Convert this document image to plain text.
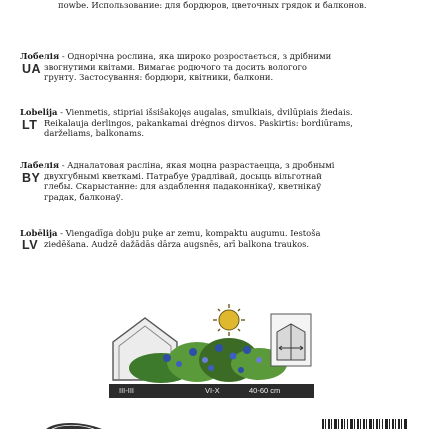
поwbe. Использование: для бордюров, цветочных грядок и балконов.

UA

Лобелія - Однорічна рослина, яка широко розростається, з дрібними
звогнутими квітами. Вимагає родючого та досить вологого
грунту. Застосування: бордюри, квітники, балкони.

LT

Lobelija - Vienmetis, stipriai išsišakojęs augalas, smulkiais, dvilūpiais žiedais.
Reikalauja derlingos, pakankamai drėgnos dirvos. Paskirtis: bordiūrams,
darželiams, balkonams.

BY

Лабелія - Адналатовая расліна, якая моцна разрастаецца, з дробнымі
двухгубнымі кветкамі. Патрабуе ўрадлівай, досыць вільготнай
глебы. Скарыстанне: для аздаблення падаконнікаў, кветнікаў
градак, балконаў.

LV

Lobēlija - Viengadīga dobju puķe ar zemu, kompaktu augumu. Iestoša
ziedēšana. Audzē dažādās dārza augsnēs, arī balkona traukos.

III-III	VI-X	40-60 cm
